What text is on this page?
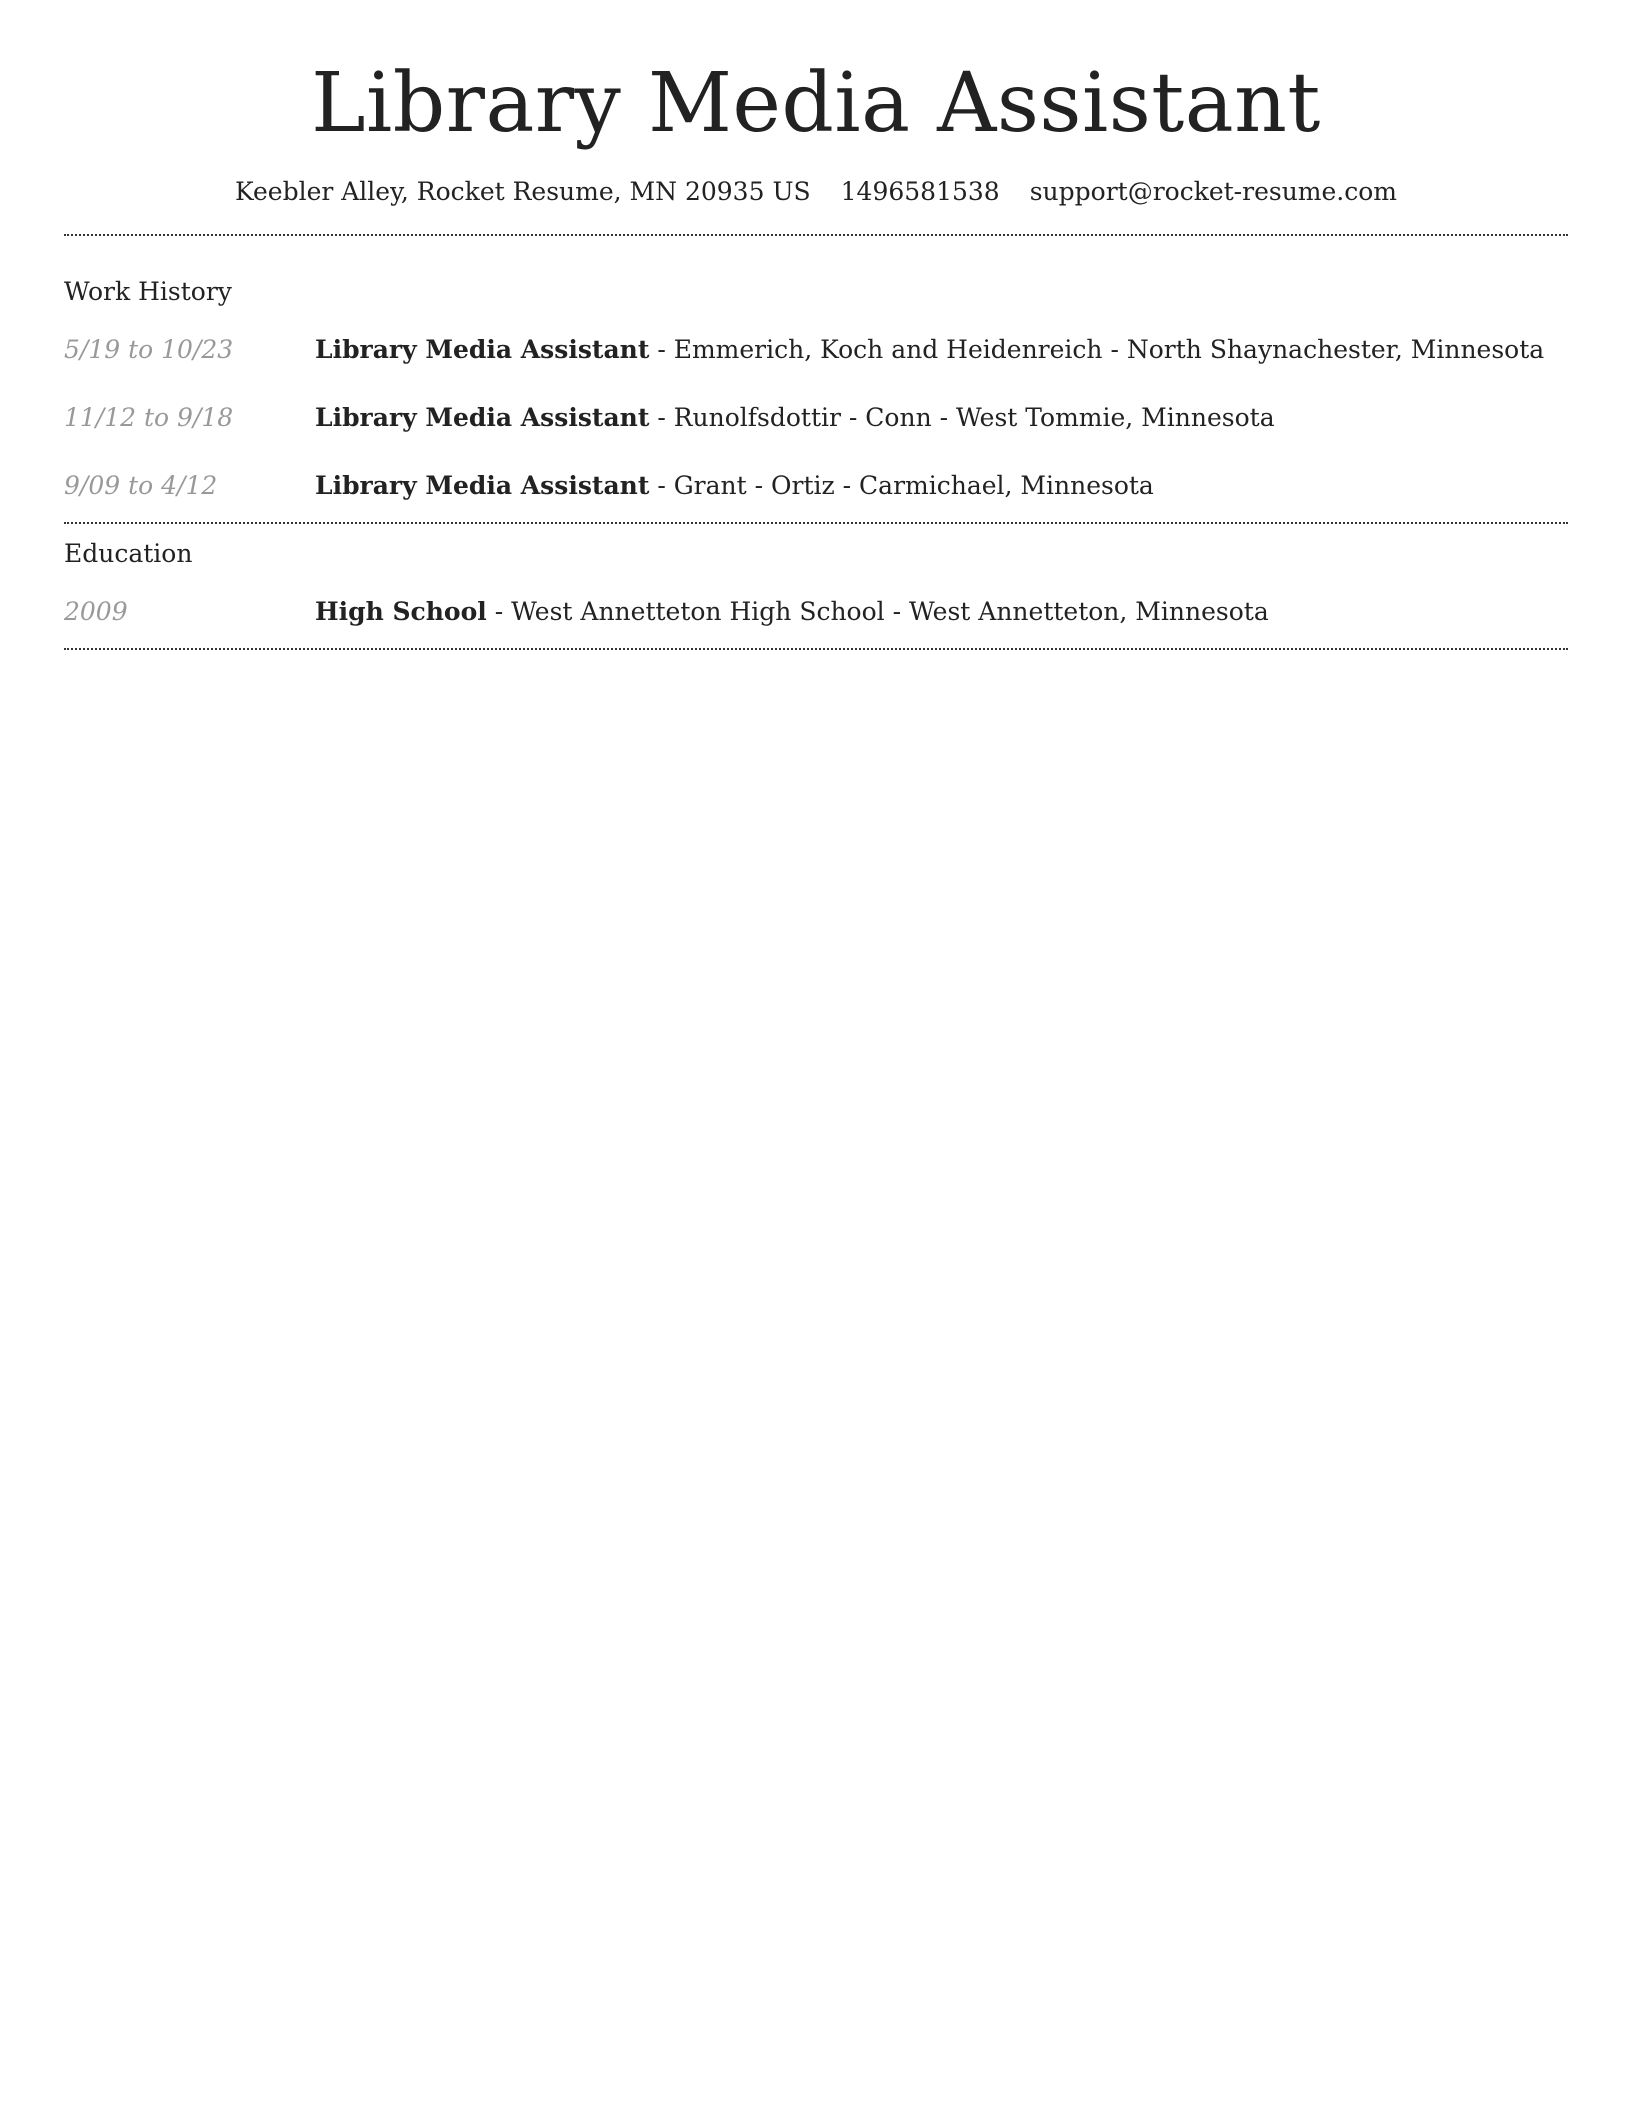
Library Media Assistant
Keebler Alley, Rocket Resume, MN 20935 US 1496581538 support@rocket-resume.com
Work History
5/19 to 10/23	Library Media Assistant - Emmerich, Koch and Heidenreich - North Shaynachester, Minnesota
11/12 to 9/18	Library Media Assistant - Runolfsdottir - Conn - West Tommie, Minnesota
9/09 to 4/12	Library Media Assistant - Grant - Ortiz - Carmichael, Minnesota
Education
2009	High School - West Annetteton High School - West Annetteton, Minnesota
